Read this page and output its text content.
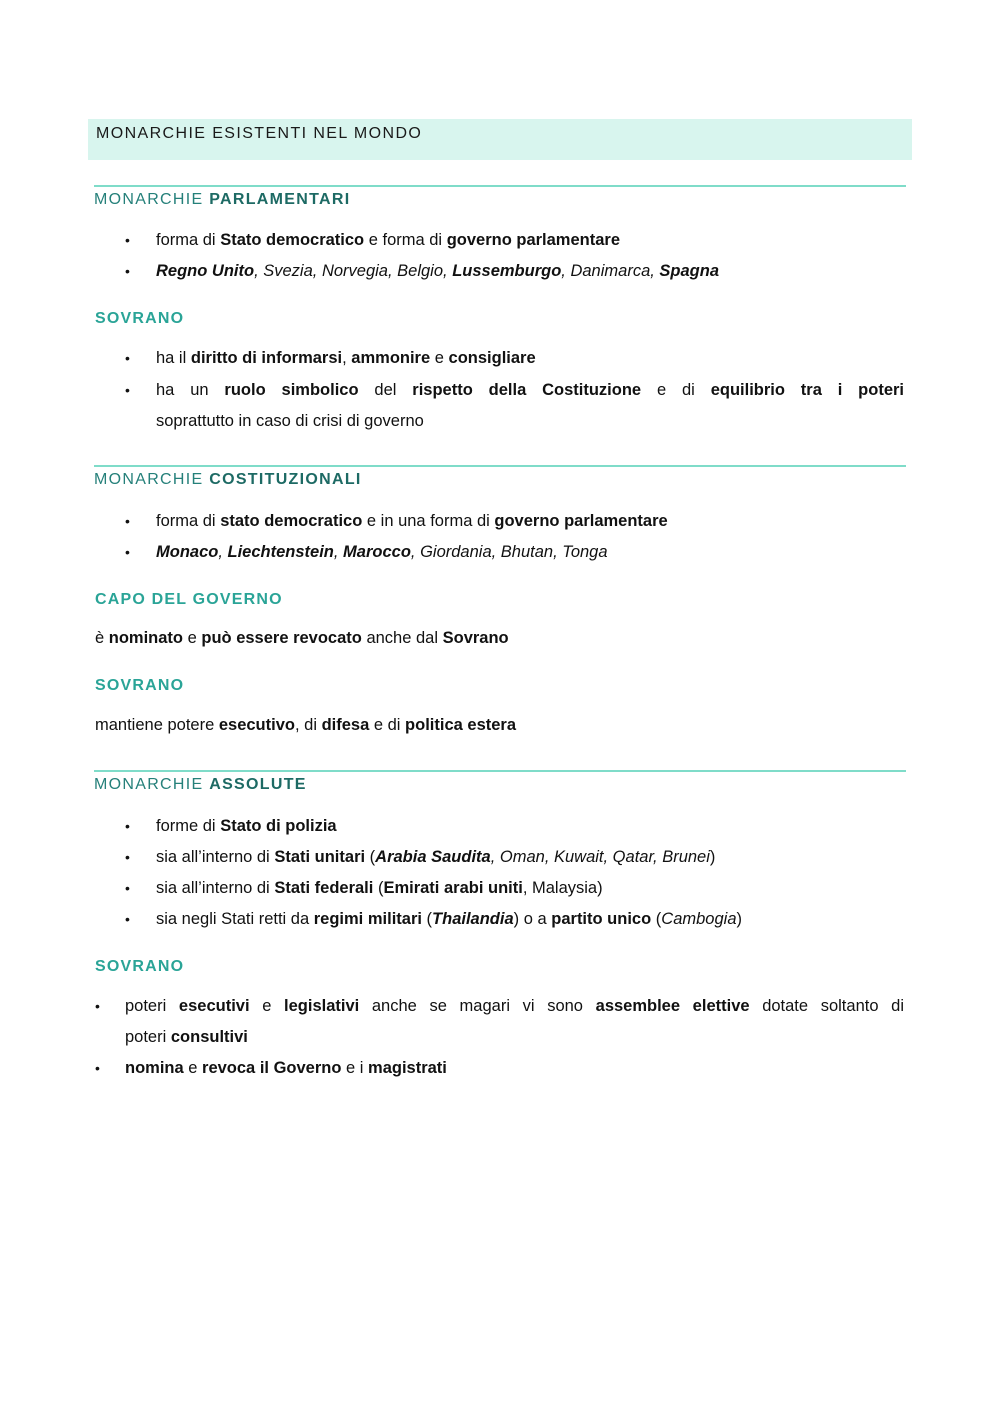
MONARCHIE ESISTENTI NEL MONDO
MONARCHIE PARLAMENTARI
• forma di Stato democratico e forma di governo parlamentare
• Regno Unito, Svezia, Norvegia, Belgio, Lussemburgo, Danimarca, Spagna
SOVRANO
• ha il diritto di informarsi, ammonire e consigliare
• ha un ruolo simbolico del rispetto della Costituzione e di equilibrio tra i poteri
soprattutto in caso di crisi di governo
MONARCHIE COSTITUZIONALI
• forma di stato democratico e in una forma di governo parlamentare
• Monaco, Liechtenstein, Marocco, Giordania, Bhutan, Tonga
CAPO DEL GOVERNO
è nominato e può essere revocato anche dal Sovrano
SOVRANO
mantiene potere esecutivo, di difesa e di politica estera
MONARCHIE ASSOLUTE
• forme di Stato di polizia
• sia all’interno di Stati unitari (Arabia Saudita, Oman, Kuwait, Qatar, Brunei)
• sia all’interno di Stati federali (Emirati arabi uniti, Malaysia)
• sia negli Stati retti da regimi militari (Thailandia) o a partito unico (Cambogia)
SOVRANO
• poteri esecutivi e legislativi anche se magari vi sono assemblee elettive dotate soltanto di
poteri consultivi
• nomina e revoca il Governo e i magistrati
